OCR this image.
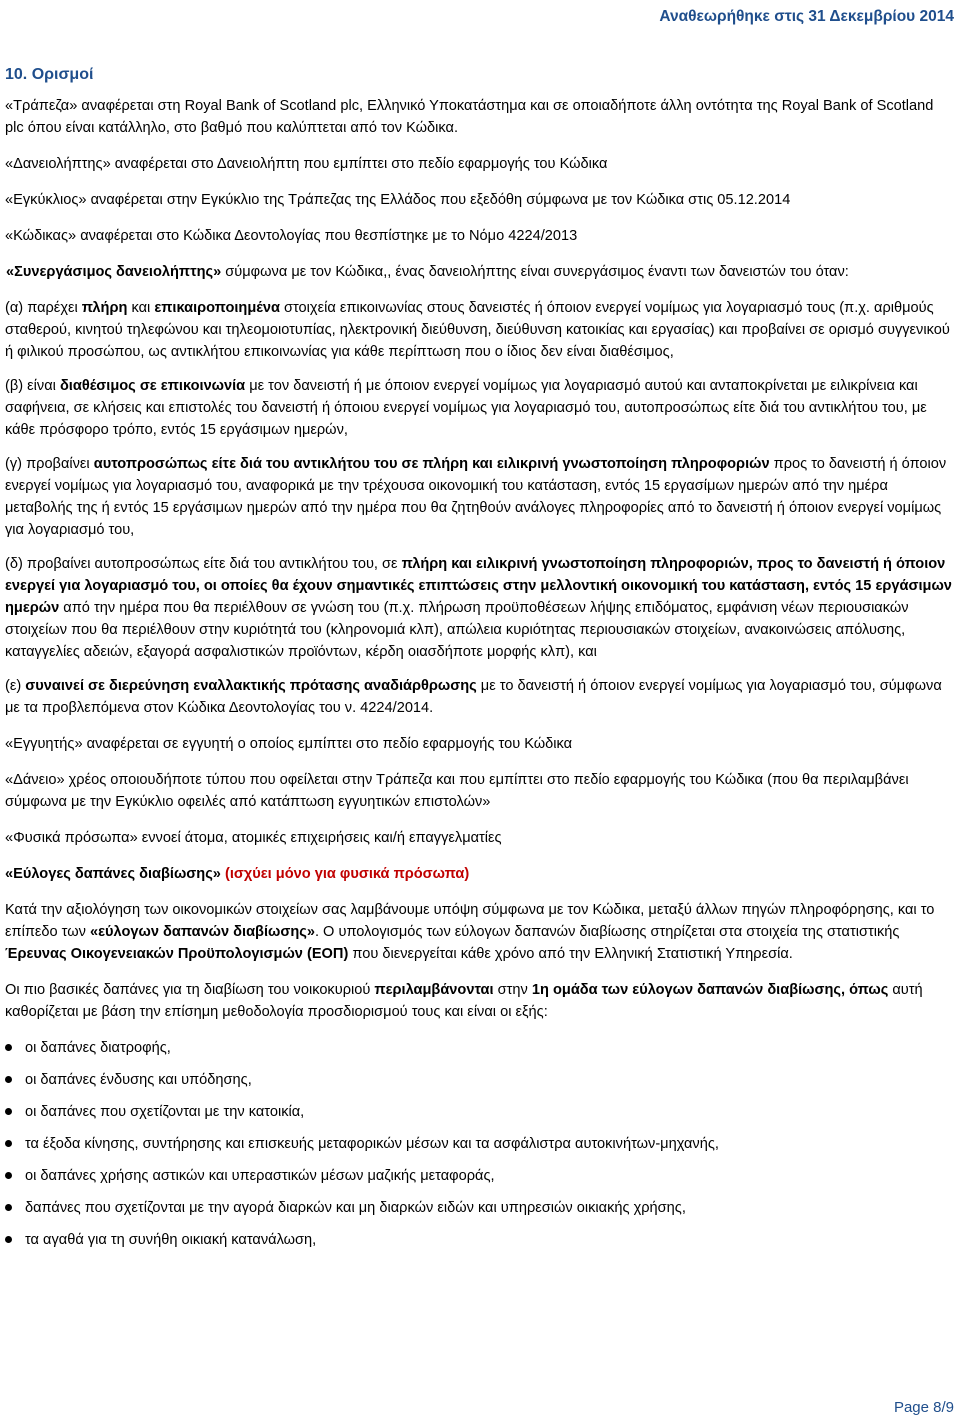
Αναθεωρήθηκε στις 31 Δεκεμβρίου 2014
10. Ορισμοί

«Τράπεζα» αναφέρεται στη Royal Bank of Scotland plc, Ελληνικό Υποκατάστημα και σε οποιαδήποτε άλλη οντότητα της Royal Bank of Scotland plc όπου είναι κατάλληλο, στο βαθμό που καλύπτεται από τον Κώδικα.

«Δανειολήπτης» αναφέρεται στο Δανειολήπτη που εμπίπτει στο πεδίο εφαρμογής του Κώδικα

«Εγκύκλιος» αναφέρεται στην Εγκύκλιο της Τράπεζας της Ελλάδος που εξεδόθη σύμφωνα με τον Κώδικα στις 05.12.2014

«Κώδικας» αναφέρεται στο Κώδικα Δεοντολογίας που θεσπίστηκε με το Νόμο 4224/2013

«Συνεργάσιμος δανειολήπτης» σύμφωνα με τον Κώδικα,, ένας δανειολήπτης είναι συνεργάσιμος έναντι των δανειστών του όταν:

(α) παρέχει πλήρη και επικαιροποιημένα στοιχεία επικοινωνίας στους δανειστές ή όποιον ενεργεί νομίμως για λογαριασμό τους (π.χ. αριθμούς σταθερού, κινητού τηλεφώνου και τηλεομοιοτυπίας, ηλεκτρονική διεύθυνση, διεύθυνση κατοικίας και εργασίας) και προβαίνει σε ορισμό συγγενικού ή φιλικού προσώπου, ως αντικλήτου επικοινωνίας για κάθε περίπτωση που ο ίδιος δεν είναι διαθέσιμος,

(β) είναι διαθέσιμος σε επικοινωνία με τον δανειστή ή με όποιον ενεργεί νομίμως για λογαριασμό αυτού και ανταποκρίνεται με ειλικρίνεια και σαφήνεια, σε κλήσεις και επιστολές του δανειστή ή όποιου ενεργεί νομίμως για λογαριασμό του, αυτοπροσώπως είτε διά του αντικλήτου του, με κάθε πρόσφορο τρόπο, εντός 15 εργάσιμων ημερών,

(γ) προβαίνει αυτοπροσώπως είτε διά του αντικλήτου του σε πλήρη και ειλικρινή γνωστοποίηση πληροφοριών προς το δανειστή ή όποιον ενεργεί νομίμως για λογαριασμό του, αναφορικά με την τρέχουσα οικονομική του κατάσταση, εντός 15 εργασίμων ημερών από την ημέρα μεταβολής της ή εντός 15 εργάσιμων ημερών από την ημέρα που θα ζητηθούν ανάλογες πληροφορίες από το δανειστή ή όποιον ενεργεί νομίμως για λογαριασμό του,

(δ) προβαίνει αυτοπροσώπως είτε διά του αντικλήτου του, σε πλήρη και ειλικρινή γνωστοποίηση πληροφοριών, προς το δανειστή ή όποιον ενεργεί για λογαριασμό του, οι οποίες θα έχουν σημαντικές επιπτώσεις στην μελλοντική οικονομική του κατάσταση, εντός 15 εργάσιμων ημερών από την ημέρα που θα περιέλθουν σε γνώση του (π.χ. πλήρωση προϋποθέσεων λήψης επιδόματος, εμφάνιση νέων περιουσιακών στοιχείων που θα περιέλθουν στην κυριότητά του (κληρονομιά κλπ), απώλεια κυριότητας περιουσιακών στοιχείων, ανακοινώσεις απόλυσης, καταγγελίες αδειών, εξαγορά ασφαλιστικών προϊόντων, κέρδη οιασδήποτε μορφής κλπ), και

(ε) συναινεί σε διερεύνηση εναλλακτικής πρότασης αναδιάρθρωσης με το δανειστή ή όποιον ενεργεί νομίμως για λογαριασμό του, σύμφωνα με τα προβλεπόμενα στον Κώδικα Δεοντολογίας του ν. 4224/2014.

«Εγγυητής» αναφέρεται σε εγγυητή ο οποίος εμπίπτει στο πεδίο εφαρμογής του Κώδικα

«Δάνειο» χρέος οποιουδήποτε τύπου που οφείλεται στην Τράπεζα και που εμπίπτει στο πεδίο εφαρμογής του Κώδικα (που θα περιλαμβάνει σύμφωνα με την Εγκύκλιο οφειλές από κατάπτωση εγγυητικών επιστολών»

«Φυσικά πρόσωπα» εννοεί άτομα, ατομικές επιχειρήσεις και/ή επαγγελματίες

«Εύλογες δαπάνες διαβίωσης» (ισχύει μόνο για φυσικά πρόσωπα)

Κατά την αξιολόγηση των οικονομικών στοιχείων σας λαμβάνουμε υπόψη σύμφωνα με τον Κώδικα, μεταξύ άλλων πηγών πληροφόρησης, και το επίπεδο των «εύλογων δαπανών διαβίωσης». Ο υπολογισμός των εύλογων δαπανών διαβίωσης στηρίζεται στα στοιχεία της στατιστικής Έρευνας Οικογενειακών Προϋπολογισμών (ΕΟΠ) που διενεργείται κάθε χρόνο από την Ελληνική Στατιστική Υπηρεσία.

Οι πιο βασικές δαπάνες για τη διαβίωση του νοικοκυριού περιλαμβάνονται στην 1η ομάδα των εύλογων δαπανών διαβίωσης, όπως αυτή καθορίζεται με βάση την επίσημη μεθοδολογία προσδιορισμού τους και είναι οι εξής:

οι δαπάνες διατροφής,
οι δαπάνες ένδυσης και υπόδησης,
οι δαπάνες που σχετίζονται με την κατοικία,
τα έξοδα κίνησης, συντήρησης και επισκευής μεταφορικών μέσων και τα ασφάλιστρα αυτοκινήτων-μηχανής,
οι δαπάνες χρήσης αστικών και υπεραστικών μέσων μαζικής μεταφοράς,
δαπάνες που σχετίζονται με την αγορά διαρκών και μη διαρκών ειδών και υπηρεσιών οικιακής χρήσης,
τα αγαθά για τη συνήθη οικιακή κατανάλωση,
Page 8/9
